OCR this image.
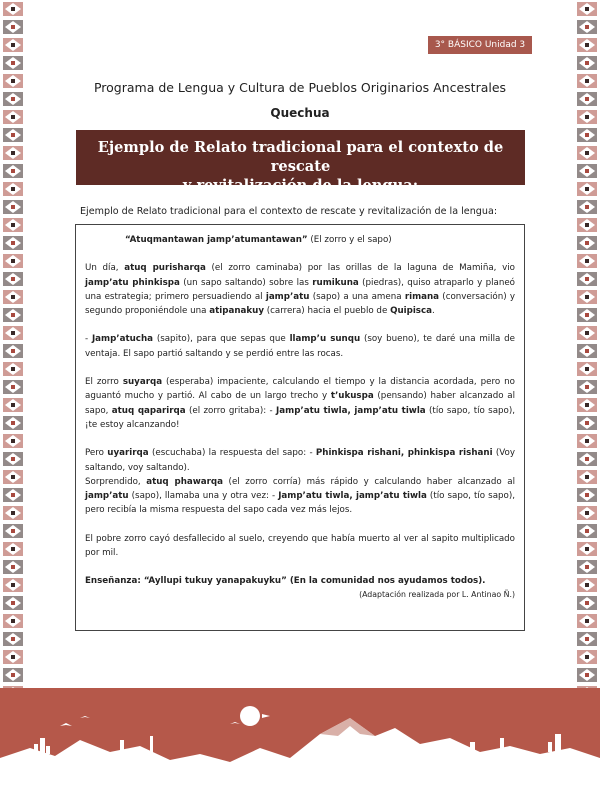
3° BÁSICO Unidad 3
Programa de Lengua y Cultura de Pueblos Originarios Ancestrales
Quechua
Ejemplo de Relato tradicional para el contexto de rescate
y revitalización de la lengua:
Ejemplo de Relato tradicional para el contexto de rescate y revitalización de la lengua:

“Atuqmantawan jamp’atumantawan” (El zorro y el sapo)

Un día, atuq purisharqa (el zorro caminaba) por las orillas de la laguna de Mamiña, vio jamp’atu phinkispa (un sapo saltando) sobre las rumikuna (piedras), quiso atraparlo y planeó una estrategia; primero persuadiendo al jamp’atu (sapo) a una amena rimana (conversación) y segundo proponiéndole una atipanakuy (carrera) hacia el pueblo de Quipisca.

- Jamp’atucha (sapito), para que sepas que llamp’u sunqu (soy bueno), te daré una milla de ventaja. El sapo partió saltando y se perdió entre las rocas.

El zorro suyarqa (esperaba) impaciente, calculando el tiempo y la distancia acordada, pero no aguantó mucho y partió. Al cabo de un largo trecho y t’ukuspa (pensando) haber alcanzado al sapo, atuq qaparirqa (el zorro gritaba): - Jamp’atu tiwla, jamp’atu tiwla (tío sapo, tío sapo), ¡te estoy alcanzando!

Pero uyarirqa (escuchaba) la respuesta del sapo: - Phinkispa rishani, phinkispa rishani (Voy saltando, voy saltando).

Sorprendido, atuq phawarqa (el zorro corría) más rápido y calculando haber alcanzado al jamp’atu (sapo), llamaba una y otra vez: - Jamp’atu tiwla, jamp’atu tiwla (tío sapo, tío sapo), pero recibía la misma respuesta del sapo cada vez más lejos.

El pobre zorro cayó desfallecido al suelo, creyendo que había muerto al ver al sapito multiplicado por mil.

Enseñanza: “Ayllupi tukuy yanapakuyku” (En la comunidad nos ayudamos todos).

(Adaptación realizada por L. Antinao Ñ.)
